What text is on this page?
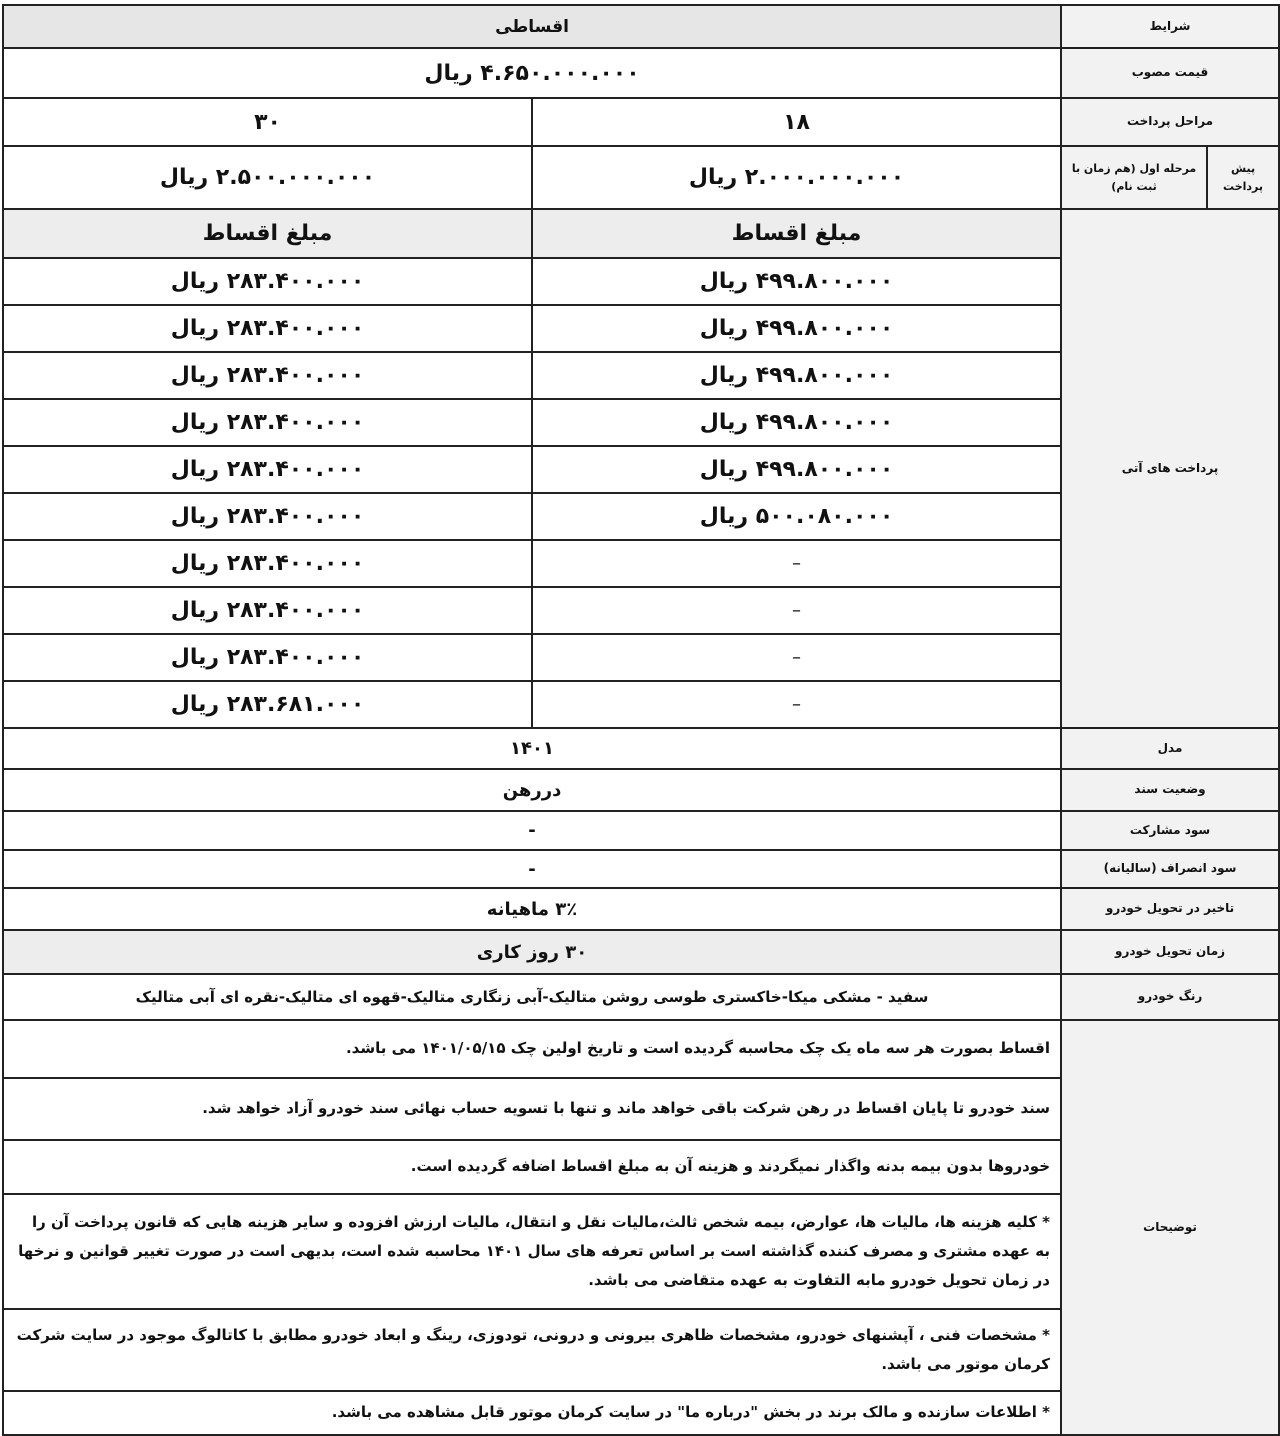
شرایط		اقساطی	
قیمت مصوب		۴.۶۵۰.۰۰۰.۰۰۰ ریال	
مراحل پرداخت		۱۸	۳۰
پیش پرداخت	مرحله اول (هم زمان با ثبت نام)	۲.۰۰۰.۰۰۰.۰۰۰ ریال	۲.۵۰۰.۰۰۰.۰۰۰ ریال
پرداخت های آتی		مبلغ اقساط	مبلغ اقساط
		۴۹۹.۸۰۰.۰۰۰ ریال	۲۸۳.۴۰۰.۰۰۰ ریال
		۴۹۹.۸۰۰.۰۰۰ ریال	۲۸۳.۴۰۰.۰۰۰ ریال
		۴۹۹.۸۰۰.۰۰۰ ریال	۲۸۳.۴۰۰.۰۰۰ ریال
		۴۹۹.۸۰۰.۰۰۰ ریال	۲۸۳.۴۰۰.۰۰۰ ریال
		۴۹۹.۸۰۰.۰۰۰ ریال	۲۸۳.۴۰۰.۰۰۰ ریال
		۵۰۰.۰۸۰.۰۰۰ ریال	۲۸۳.۴۰۰.۰۰۰ ریال
		–	۲۸۳.۴۰۰.۰۰۰ ریال
		–	۲۸۳.۴۰۰.۰۰۰ ریال
		–	۲۸۳.۴۰۰.۰۰۰ ریال
		–	۲۸۳.۶۸۱.۰۰۰ ریال
مدل		۱۴۰۱	
وضعیت سند		دررهن	
سود مشارکت		-	
سود انصراف (سالیانه)		-	
تاخیر در تحویل خودرو		۳٪ ماهیانه	
زمان تحویل خودرو		۳۰ روز کاری	
رنگ خودرو		سفید - مشکی میکا-خاکستری طوسی روشن متالیک-آبی زنگاری متالیک-قهوه ای متالیک-نقره ای آبی متالیک	
توضیحات		اقساط بصورت هر سه ماه یک چک محاسبه گردیده است و تاریخ اولین چک ۱۴۰۱/۰۵/۱۵ می باشد.	
		سند خودرو تا پایان اقساط در رهن شرکت باقی خواهد ماند و تنها با تسویه حساب نهائی سند خودرو آزاد خواهد شد.	
		خودروها بدون بیمه بدنه واگذار نمیگردند و هزینه آن به مبلغ اقساط اضافه گردیده است.	
		* کلیه هزینه ها، مالیات ها، عوارض، بیمه شخص ثالث،مالیات نقل و انتقال، مالیات ارزش افزوده و سایر هزینه هایی که قانون پرداخت آن را به عهده مشتری و مصرف کننده گذاشته است بر اساس تعرفه های سال ۱۴۰۱ محاسبه شده است، بدیهی است در صورت تغییر قوانین و نرخها در زمان تحویل خودرو مابه التفاوت به عهده متقاضی می باشد.	
		* مشخصات فنی ، آپشنهای خودرو، مشخصات ظاهری بیرونی و درونی، تودوزی، رینگ و ابعاد خودرو مطابق با کاتالوگ موجود در سایت شرکت کرمان موتور می باشد.	
		* اطلاعات سازنده و مالک برند در بخش "درباره ما" در سایت کرمان موتور قابل مشاهده می باشد.	
